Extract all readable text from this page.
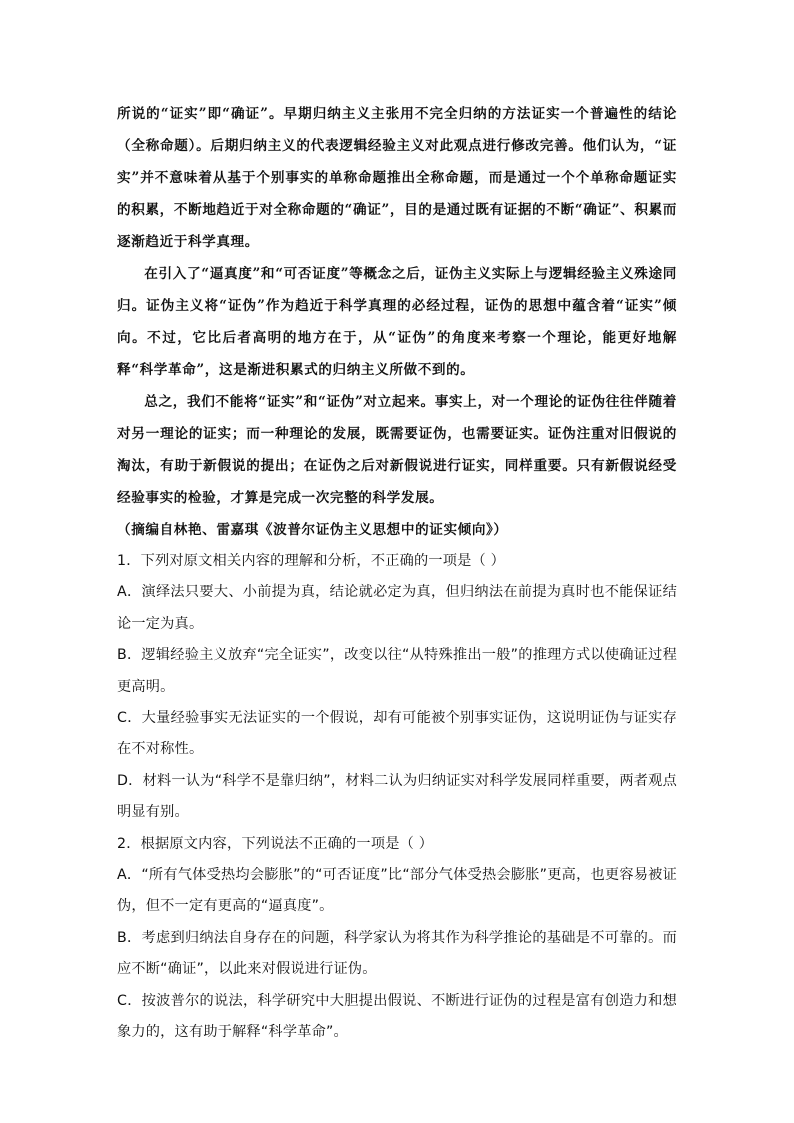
所说的“证实”即“确证”。早期归纳主义主张用不完全归纳的方法证实一个普遍性的结论（全称命题）。后期归纳主义的代表逻辑经验主义对此观点进行修改完善。他们认为，“证实”并不意味着从基于个别事实的单称命题推出全称命题，而是通过一个个单称命题证实的积累，不断地趋近于对全称命题的“确证”，目的是通过既有证据的不断“确证”、积累而逐渐趋近于科学真理。

在引入了“逼真度”和“可否证度”等概念之后，证伪主义实际上与逻辑经验主义殊途同归。证伪主义将“证伪”作为趋近于科学真理的必经过程，证伪的思想中蕴含着“证实”倾向。不过，它比后者高明的地方在于，从“证伪”的角度来考察一个理论，能更好地解释“科学革命”，这是渐进积累式的归纳主义所做不到的。

总之，我们不能将“证实”和“证伪”对立起来。事实上，对一个理论的证伪往往伴随着对另一理论的证实；而一种理论的发展，既需要证伪，也需要证实。证伪注重对旧假说的淘汰，有助于新假说的提出；在证伪之后对新假说进行证实，同样重要。只有新假说经受经验事实的检验，才算是完成一次完整的科学发展。

（摘编自林艳、雷嘉琪《波普尔证伪主义思想中的证实倾向》）

1．下列对原文相关内容的理解和分析，不正确的一项是（ ）

A．演绎法只要大、小前提为真，结论就必定为真，但归纳法在前提为真时也不能保证结论一定为真。

B．逻辑经验主义放弃“完全证实”，改变以往“从特殊推出一般”的推理方式以使确证过程更高明。

C．大量经验事实无法证实的一个假说，却有可能被个别事实证伪，这说明证伪与证实存在不对称性。

D．材料一认为“科学不是靠归纳”，材料二认为归纳证实对科学发展同样重要，两者观点明显有别。

2．根据原文内容，下列说法不正确的一项是（ ）

A．“所有气体受热均会膨胀”的“可否证度”比“部分气体受热会膨胀”更高，也更容易被证伪，但不一定有更高的“逼真度”。

B．考虑到归纳法自身存在的问题，科学家认为将其作为科学推论的基础是不可靠的。而应不断“确证”，以此来对假说进行证伪。

C．按波普尔的说法，科学研究中大胆提出假说、不断进行证伪的过程是富有创造力和想象力的，这有助于解释“科学革命”。
